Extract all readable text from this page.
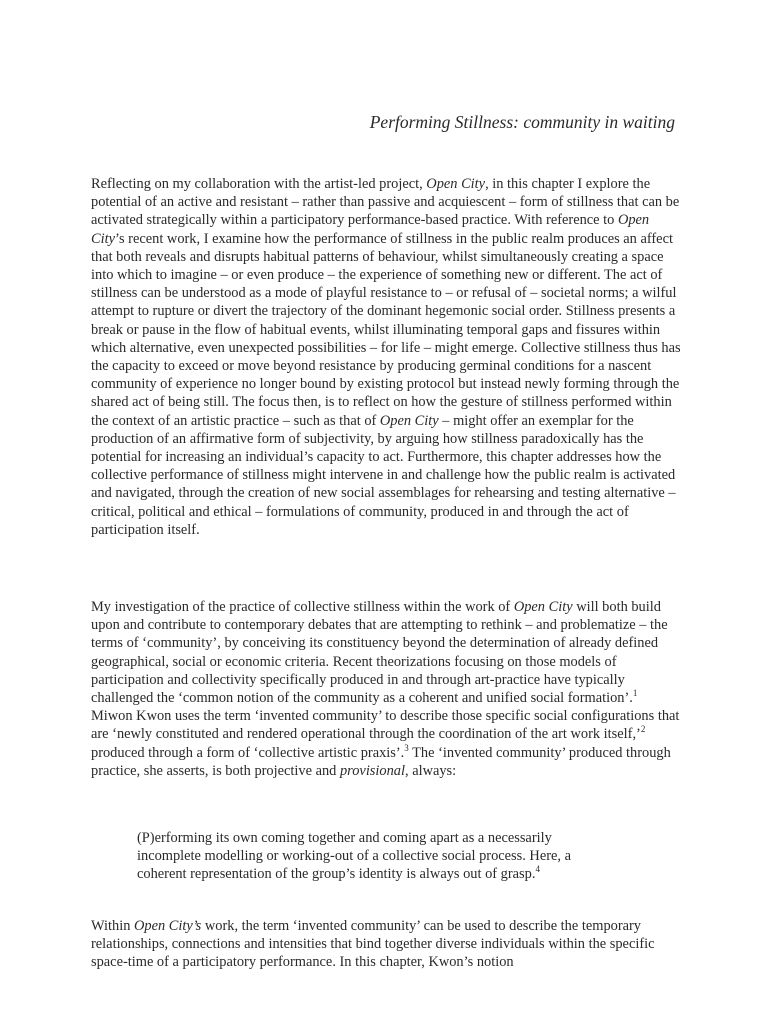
Performing Stillness: community in waiting

Reflecting on my collaboration with the artist-led project, Open City, in this chapter I explore the potential of an active and resistant – rather than passive and acquiescent – form of stillness that can be activated strategically within a participatory performance-based practice. With reference to Open City’s recent work, I examine how the performance of stillness in the public realm produces an affect that both reveals and disrupts habitual patterns of behaviour, whilst simultaneously creating a space into which to imagine – or even produce – the experience of something new or different. The act of stillness can be understood as a mode of playful resistance to – or refusal of – societal norms; a wilful attempt to rupture or divert the trajectory of the dominant hegemonic social order. Stillness presents a break or pause in the flow of habitual events, whilst illuminating temporal gaps and fissures within which alternative, even unexpected possibilities – for life – might emerge. Collective stillness thus has the capacity to exceed or move beyond resistance by producing germinal conditions for a nascent community of experience no longer bound by existing protocol but instead newly forming through the shared act of being still. The focus then, is to reflect on how the gesture of stillness performed within the context of an artistic practice – such as that of Open City – might offer an exemplar for the production of an affirmative form of subjectivity, by arguing how stillness paradoxically has the potential for increasing an individual’s capacity to act. Furthermore, this chapter addresses how the collective performance of stillness might intervene in and challenge how the public realm is activated and navigated, through the creation of new social assemblages for rehearsing and testing alternative – critical, political and ethical – formulations of community, produced in and through the act of participation itself.

My investigation of the practice of collective stillness within the work of Open City will both build upon and contribute to contemporary debates that are attempting to rethink – and problematize – the terms of ‘community’, by conceiving its constituency beyond the determination of already defined geographical, social or economic criteria. Recent theorizations focusing on those models of participation and collectivity specifically produced in and through art-practice have typically challenged the ‘common notion of the community as a coherent and unified social formation’.$^1$ Miwon Kwon uses the term ‘invented community’ to describe those specific social configurations that are ‘newly constituted and rendered operational through the coordination of the art work itself,’$^2$ produced through a form of ‘collective artistic praxis’.$^3$ The ‘invented community’ produced through practice, she asserts, is both projective and provisional, always:

(P)erforming its own coming together and coming apart as a necessarily incomplete modelling or working-out of a collective social process. Here, a coherent representation of the group’s identity is always out of grasp.$^4$

Within Open City’s work, the term ‘invented community’ can be used to describe the temporary relationships, connections and intensities that bind together diverse individuals within the specific space-time of a participatory performance. In this chapter, Kwon’s notion
